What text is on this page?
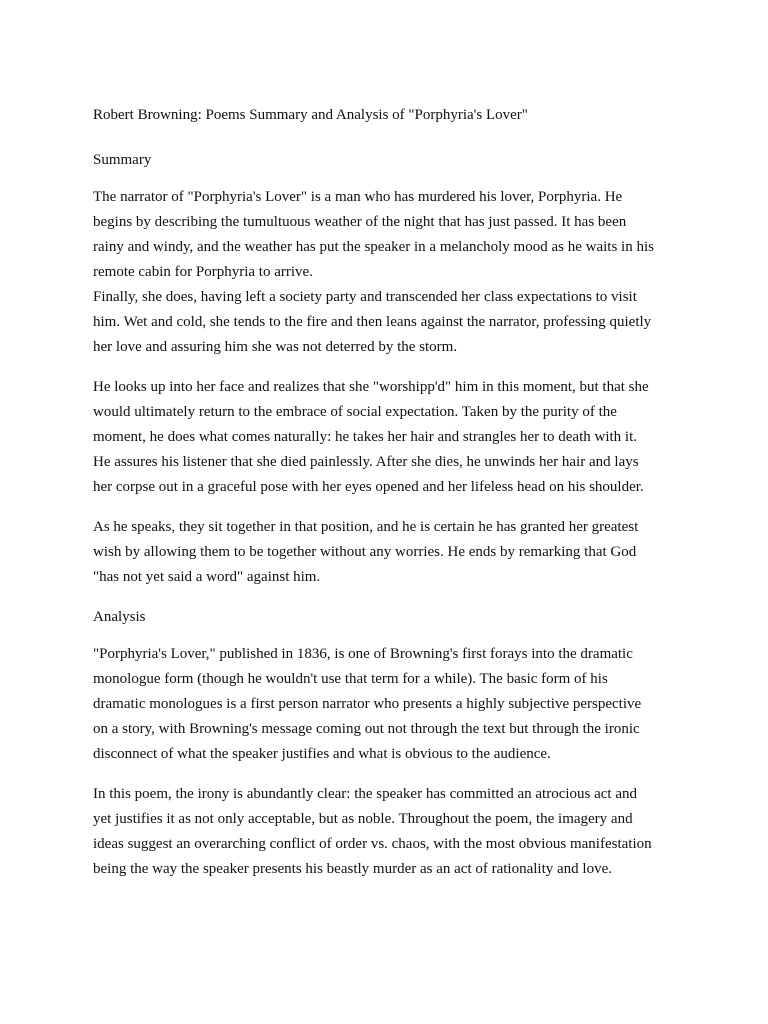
Robert Browning: Poems Summary and Analysis of "Porphyria's Lover"
Summary
The narrator of "Porphyria's Lover" is a man who has murdered his lover, Porphyria. He
begins by describing the tumultuous weather of the night that has just passed. It has been
rainy and windy, and the weather has put the speaker in a melancholy mood as he waits in his
remote cabin for Porphyria to arrive.
Finally, she does, having left a society party and transcended her class expectations to visit
him. Wet and cold, she tends to the fire and then leans against the narrator, professing quietly
her love and assuring him she was not deterred by the storm.
He looks up into her face and realizes that she "worshipp'd" him in this moment, but that she
would ultimately return to the embrace of social expectation. Taken by the purity of the
moment, he does what comes naturally: he takes her hair and strangles her to death with it.
He assures his listener that she died painlessly. After she dies, he unwinds her hair and lays
her corpse out in a graceful pose with her eyes opened and her lifeless head on his shoulder.
As he speaks, they sit together in that position, and he is certain he has granted her greatest
wish by allowing them to be together without any worries. He ends by remarking that God
"has not yet said a word" against him.
Analysis
"Porphyria's Lover," published in 1836, is one of Browning's first forays into the dramatic
monologue form (though he wouldn't use that term for a while). The basic form of his
dramatic monologues is a first person narrator who presents a highly subjective perspective
on a story, with Browning's message coming out not through the text but through the ironic
disconnect of what the speaker justifies and what is obvious to the audience.
In this poem, the irony is abundantly clear: the speaker has committed an atrocious act and
yet justifies it as not only acceptable, but as noble. Throughout the poem, the imagery and
ideas suggest an overarching conflict of order vs. chaos, with the most obvious manifestation
being the way the speaker presents his beastly murder as an act of rationality and love.
